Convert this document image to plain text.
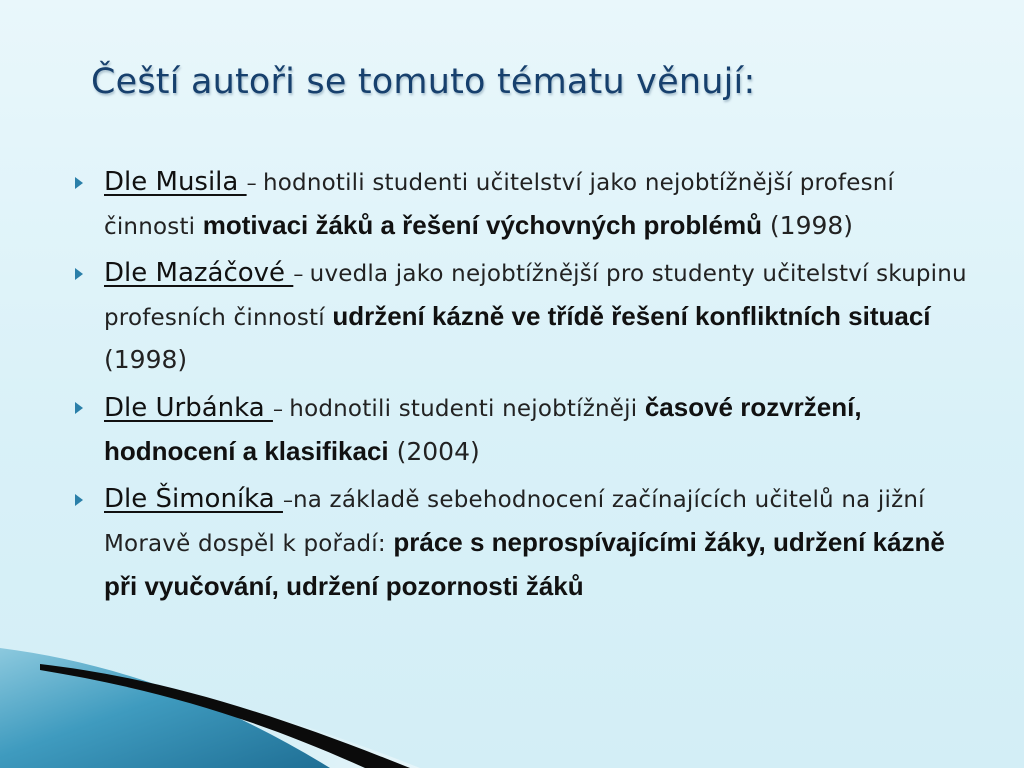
Čeští autoři se tomuto tématu věnují:
Dle Musila – hodnotili studenti učitelství jako nejobtížnější profesní činnosti motivaci žáků a řešení výchovných problémů (1998)
Dle Mazáčové – uvedla jako nejobtížnější pro studenty učitelství skupinu profesních činností udržení kázně ve třídě řešení konfliktních situací (1998)
Dle Urbánka – hodnotili studenti nejobtížněji časové rozvržení, hodnocení a klasifikaci (2004)
Dle Šimoníka –na základě sebehodnocení začínajících učitelů na jižní Moravě dospěl k pořadí: práce s neprospívajícími žáky, udržení kázně při vyučování, udržení pozornosti žáků
